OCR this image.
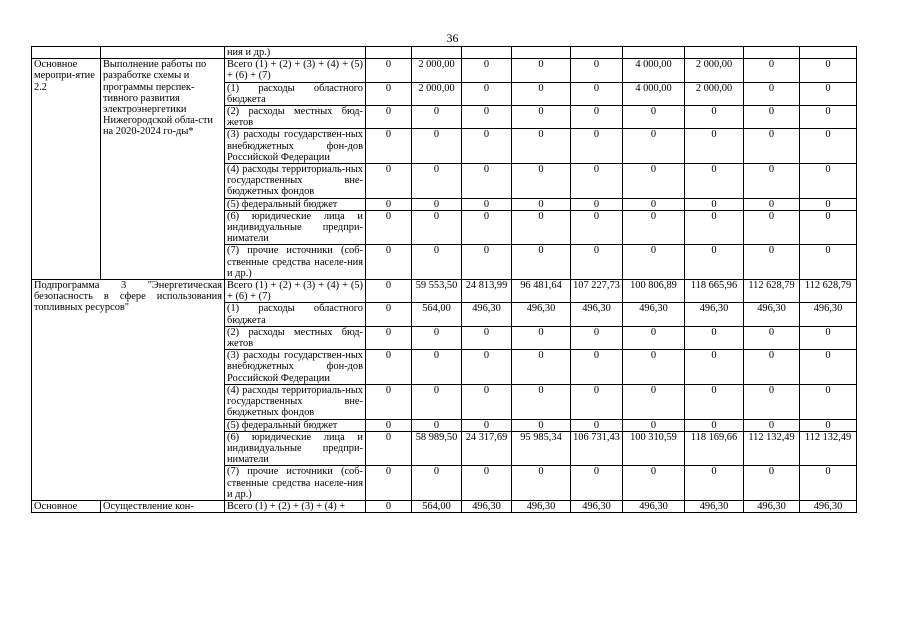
36
		ния и др.)									
Основное меропри-ятие 2.2	Выполнение работы по разработке схемы и программы перспек-тивного развития электроэнергетики Нижегородской обла-сти на 2020-2024 го-ды*	Всего (1) + (2) + (3) + (4) + (5) + (6) + (7)	0	2 000,00	0	0	0	4 000,00	2 000,00	0	0
		(1) расходы областного бюджета	0	2 000,00	0	0	0	4 000,00	2 000,00	0	0
		(2) расходы местных бюд-жетов	0	0	0	0	0	0	0	0	0
		(3) расходы государствен-ных внебюджетных фон-дов Российской Федерации	0	0	0	0	0	0	0	0	0
		(4) расходы территориаль-ных государственных вне-бюджетных фондов	0	0	0	0	0	0	0	0	0
		(5) федеральный бюджет	0	0	0	0	0	0	0	0	0
		(6) юридические лица и индивидуальные предпри-ниматели	0	0	0	0	0	0	0	0	0
		(7) прочие источники (соб-ственные средства населе-ния и др.)	0	0	0	0	0	0	0	0	0
Подпрограмма 3 "Энергетическая безопасность в сфере использования топливных ресурсов"		Всего (1) + (2) + (3) + (4) + (5) + (6) + (7)	0	59 553,50	24 813,99	96 481,64	107 227,73	100 806,89	118 665,96	112 628,79	112 628,79
		(1) расходы областного бюджета	0	564,00	496,30	496,30	496,30	496,30	496,30	496,30	496,30
		(2) расходы местных бюд-жетов	0	0	0	0	0	0	0	0	0
		(3) расходы государствен-ных внебюджетных фон-дов Российской Федерации	0	0	0	0	0	0	0	0	0
		(4) расходы территориаль-ных государственных вне-бюджетных фондов	0	0	0	0	0	0	0	0	0
		(5) федеральный бюджет	0	0	0	0	0	0	0	0	0
		(6) юридические лица и индивидуальные предпри-ниматели	0	58 989,50	24 317,69	95 985,34	106 731,43	100 310,59	118 169,66	112 132,49	112 132,49
		(7) прочие источники (соб-ственные средства населе-ния и др.)	0	0	0	0	0	0	0	0	0
Основное	Осуществление кон-	Всего (1) + (2) + (3) + (4) +	0	564,00	496,30	496,30	496,30	496,30	496,30	496,30	496,30
